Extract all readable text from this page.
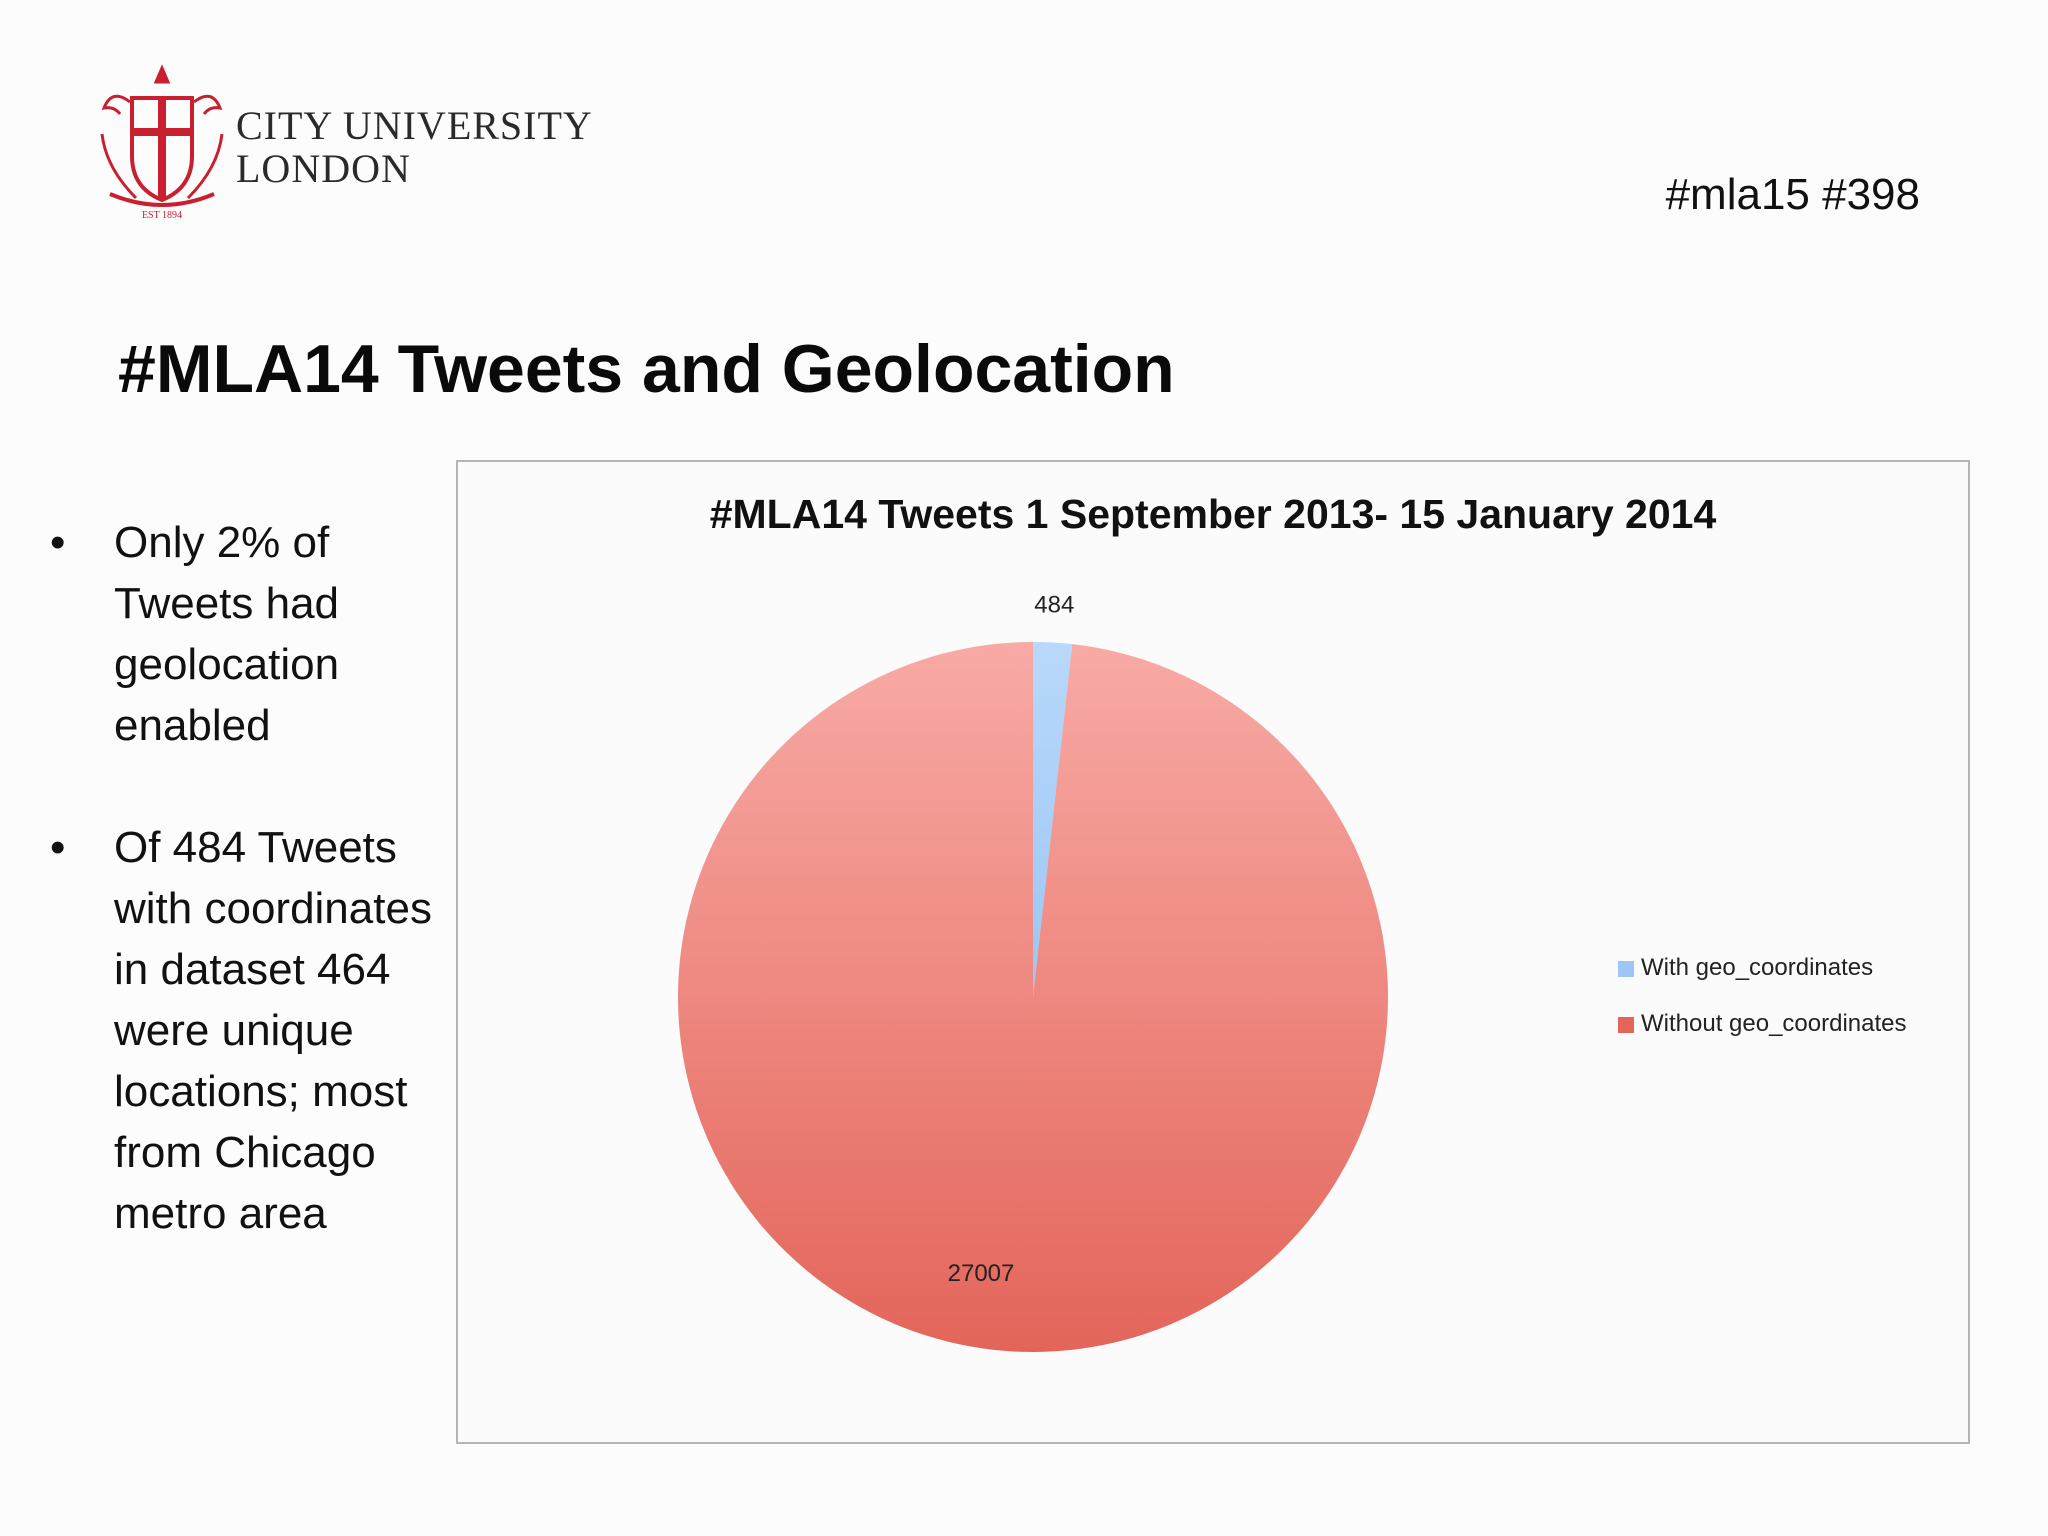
EST 1894
CITY UNIVERSITY
LONDON
#mla15 #398
#MLA14 Tweets and Geolocation
• Only 2% of Tweets had geolocation enabled
• Of 484 Tweets with coordinates in dataset 464 were unique locations; most from Chicago metro area
#MLA14 Tweets 1 September 2013- 15 January 2014
484
27007
With geo_coordinates
Without geo_coordinates
